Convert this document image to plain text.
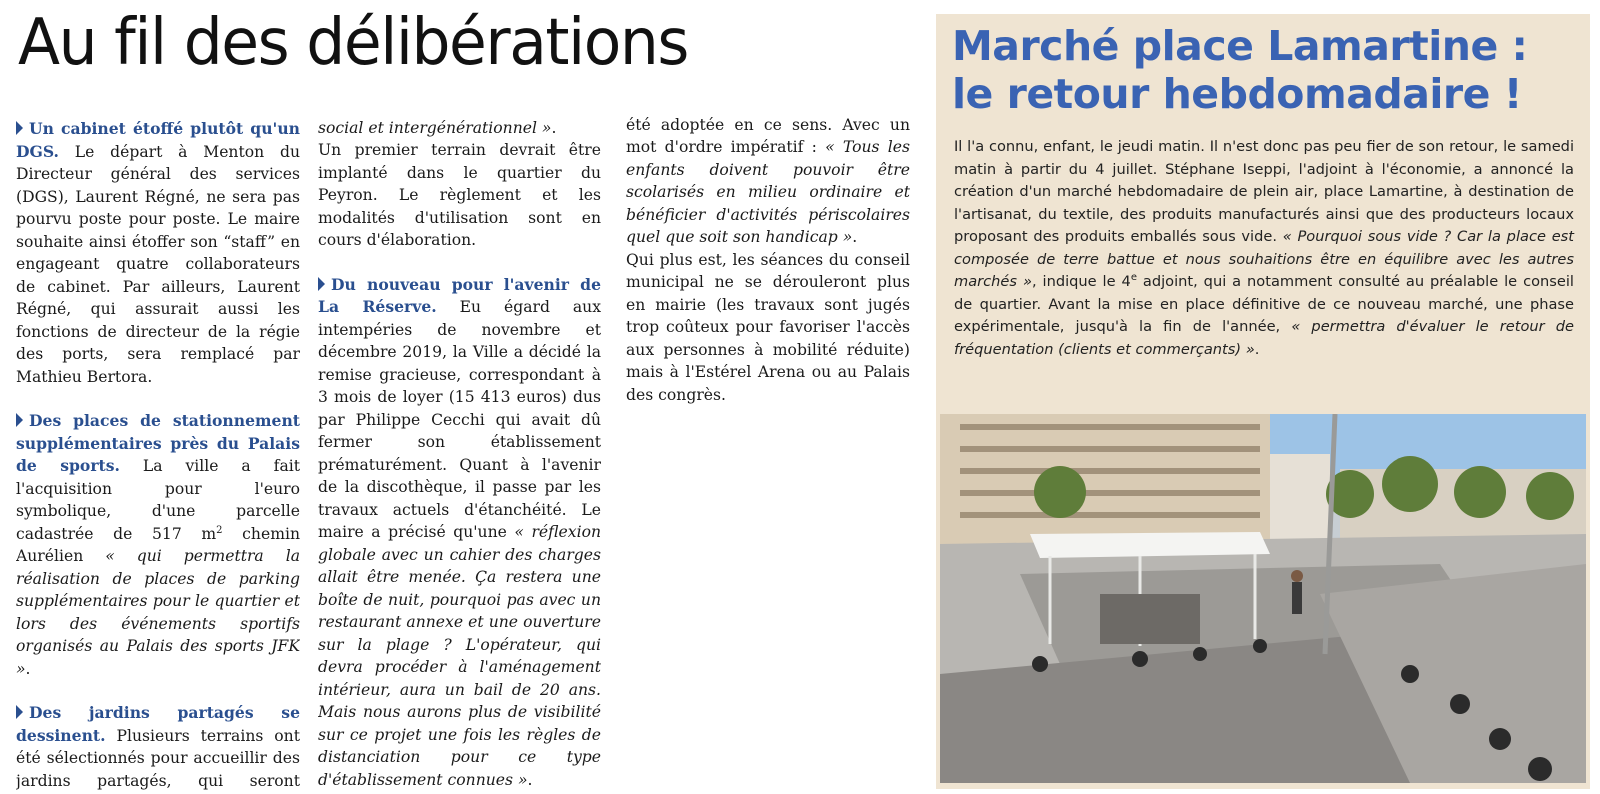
Au fil des délibérations

Un cabinet étoffé plutôt qu'un DGS. Le départ à Menton du Directeur général des services (DGS), Laurent Régné, ne sera pas pourvu poste pour poste. Le maire souhaite ainsi étoffer son “staff” en engageant quatre collaborateurs de cabinet. Par ailleurs, Laurent Régné, qui assurait aussi les fonctions de directeur de la régie des ports, sera remplacé par Mathieu Bertora.

Des places de stationnement supplémentaires près du Palais de sports. La ville a fait l'acquisition pour l'euro symbolique, d'une parcelle cadastrée de 517 $m^2$ chemin Aurélien « qui permettra la réalisation de places de parking supplémentaires pour le quartier et lors des événements sportifs organisés au Palais des sports JFK ».

Des jardins partagés se dessinent. Plusieurs terrains ont été sélectionnés pour accueillir des jardins partagés, qui seront

social et intergénérationnel ».

Un premier terrain devrait être implanté dans le quartier du Peyron. Le règlement et les modalités d'utilisation sont en cours d'élaboration.

Du nouveau pour l'avenir de La Réserve. Eu égard aux intempéries de novembre et décembre 2019, la Ville a décidé la remise gracieuse, correspondant à 3 mois de loyer (15 413 euros) dus par Philippe Cecchi qui avait dû fermer son établissement prématurément. Quant à l'avenir de la discothèque, il passe par les travaux actuels d'étanchéité. Le maire a précisé qu'une « réflexion globale avec un cahier des charges allait être menée. Ça restera une boîte de nuit, pourquoi pas avec un restaurant annexe et une ouverture sur la plage ? L'opérateur, qui devra procéder à l'aménagement intérieur, aura un bail de 20 ans. Mais nous aurons plus de visibilité sur ce projet une fois les règles de distanciation pour ce type d'établissement connues ».

été adoptée en ce sens. Avec un mot d'ordre impératif : « Tous les enfants doivent pouvoir être scolarisés en milieu ordinaire et bénéficier d'activités périscolaires quel que soit son handicap ».

Qui plus est, les séances du conseil municipal ne se dérouleront plus en mairie (les travaux sont jugés trop coûteux pour favoriser l'accès aux personnes à mobilité réduite) mais à l'Estérel Arena ou au Palais des congrès.

Marché place Lamartine :
le retour hebdomadaire !

Il l'a connu, enfant, le jeudi matin. Il n'est donc pas peu fier de son retour, le samedi matin à partir du 4 juillet. Stéphane Iseppi, l'adjoint à l'économie, a annoncé la création d'un marché hebdomadaire de plein air, place Lamartine, à destination de l'artisanat, du textile, des produits manufacturés ainsi que des producteurs locaux proposant des produits emballés sous vide. « Pourquoi sous vide ? Car la place est composée de terre battue et nous souhaitions être en équilibre avec les autres marchés », indique le 4e adjoint, qui a notamment consulté au préalable le conseil de quartier. Avant la mise en place définitive de ce nouveau marché, une phase expérimentale, jusqu'à la fin de l'année, « permettra d'évaluer le retour de fréquentation (clients et commerçants) ».
